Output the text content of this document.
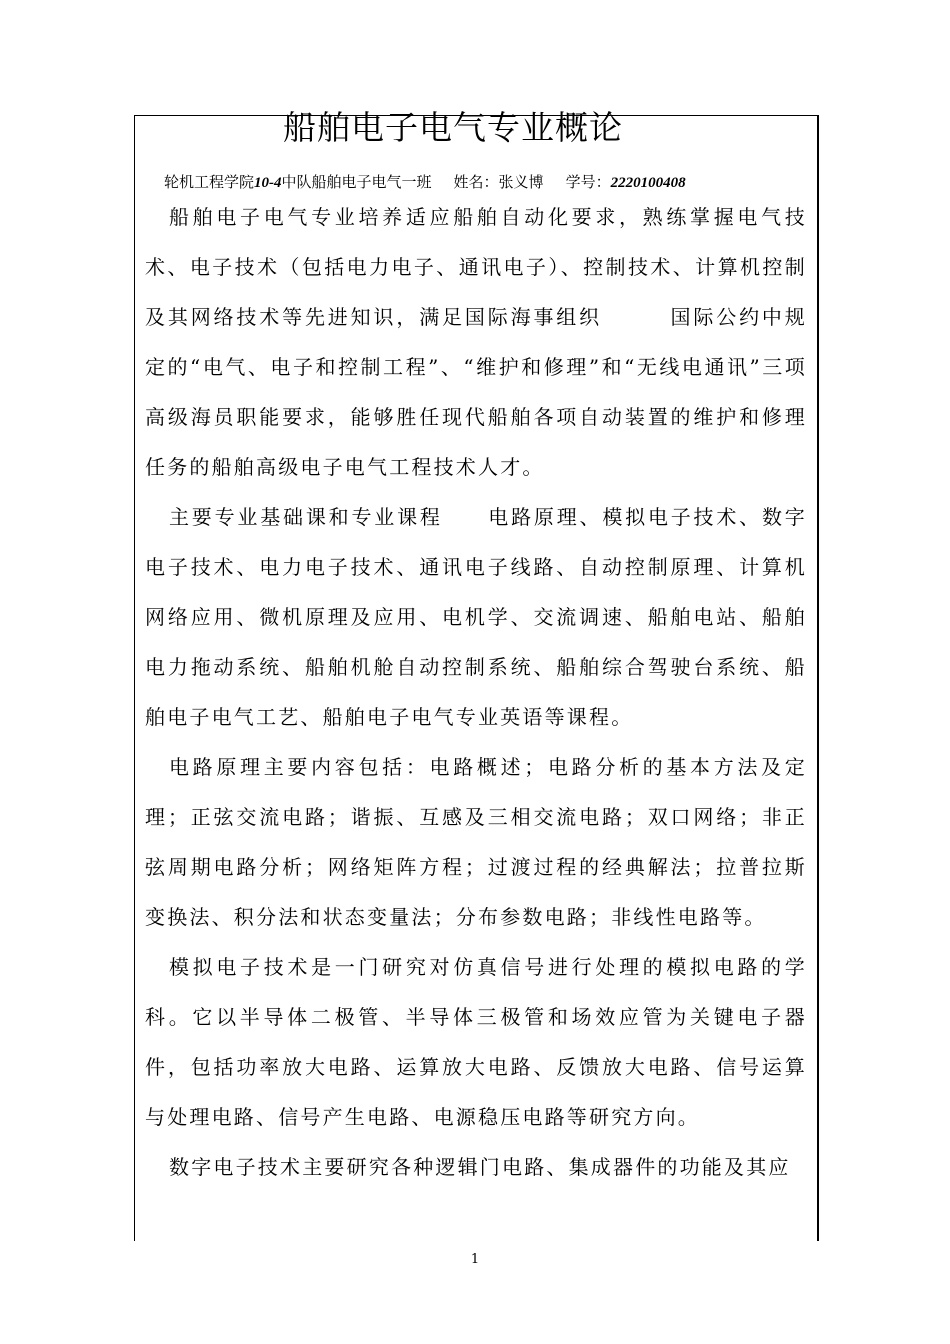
船舶电子电气专业概论
轮机工程学院10-4中队船舶电子电气一班 姓名：张义博 学号：2220100408

船舶电子电气专业培养适应船舶自动化要求，熟练掌握电气技术、电子技术（包括电力电子、通讯电子）、控制技术、计算机控制及其网络技术等先进知识，满足国际海事组织　　　国际公约中规定的“电气、电子和控制工程”、“维护和修理”和“无线电通讯”三项高级海员职能要求，能够胜任现代船舶各项自动装置的维护和修理任务的船舶高级电子电气工程技术人才。

主要专业基础课和专业课程　　电路原理、模拟电子技术、数字电子技术、电力电子技术、通讯电子线路、自动控制原理、计算机网络应用、微机原理及应用、电机学、交流调速、船舶电站、船舶电力拖动系统、船舶机舱自动控制系统、船舶综合驾驶台系统、船舶电子电气工艺、船舶电子电气专业英语等课程。

电路原理主要内容包括：电路概述；电路分析的基本方法及定理；正弦交流电路；谐振、互感及三相交流电路；双口网络；非正弦周期电路分析；网络矩阵方程；过渡过程的经典解法；拉普拉斯变换法、积分法和状态变量法；分布参数电路；非线性电路等。

模拟电子技术是一门研究对仿真信号进行处理的模拟电路的学科。它以半导体二极管、半导体三极管和场效应管为关键电子器件，包括功率放大电路、运算放大电路、反馈放大电路、信号运算与处理电路、信号产生电路、电源稳压电路等研究方向。

数字电子技术主要研究各种逻辑门电路、集成器件的功能及其应

1
